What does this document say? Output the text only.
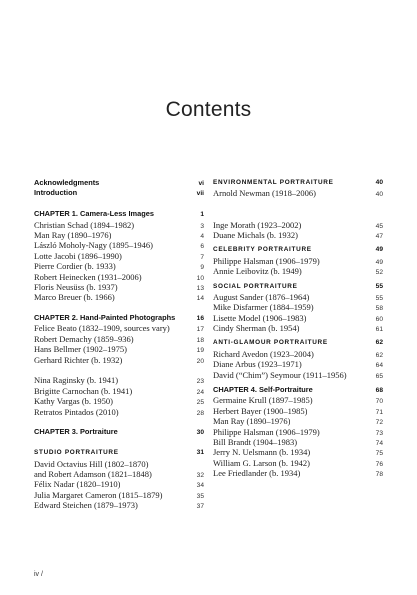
Contents
Acknowledgments	vi
Introduction	vii
CHAPTER 1. Camera-Less Images	1
Christian Schad (1894–1982)	3
Man Ray (1890–1976)	4
László Moholy-Nagy (1895–1946)	6
Lotte Jacobi (1896–1990)	7
Pierre Cordier (b. 1933)	9
Robert Heinecken (1931–2006)	10
Floris Neusüss (b. 1937)	13
Marco Breuer (b. 1966)	14
CHAPTER 2. Hand-Painted Photographs	16
Felice Beato (1832–1909, sources vary)	17
Robert Demachy (1859–936)	18
Hans Bellmer (1902–1975)	19
Gerhard Richter (b. 1932)	20
Nina Raginsky (b. 1941)	23
Brigitte Carnochan (b. 1941)	24
Kathy Vargas (b. 1950)	25
Retratos Pintados (2010)	28
CHAPTER 3. Portraiture	30
STUDIO PORTRAITURE	31
David Octavius Hill (1802–1870)
and Robert Adamson (1821–1848)	32
Félix Nadar (1820–1910)	34
Julia Margaret Cameron (1815–1879)	35
Edward Steichen (1879–1973)	37
ENVIRONMENTAL PORTRAITURE	40
Arnold Newman (1918–2006)	40
Inge Morath (1923–2002)	45
Duane Michals (b. 1932)	47
CELEBRITY PORTRAITURE	49
Philippe Halsman (1906–1979)	49
Annie Leibovitz (b. 1949)	52
SOCIAL PORTRAITURE	55
August Sander (1876–1964)	55
Mike Disfarmer (1884–1959)	58
Lisette Model (1906–1983)	60
Cindy Sherman (b. 1954)	61
ANTI-GLAMOUR PORTRAITURE	62
Richard Avedon (1923–2004)	62
Diane Arbus (1923–1971)	64
David (“Chim”) Seymour (1911–1956)	65
CHAPTER 4. Self-Portraiture	68
Germaine Krull (1897–1985)	70
Herbert Bayer (1900–1985)	71
Man Ray (1890–1976)	72
Philippe Halsman (1906–1979)	73
Bill Brandt (1904–1983)	74
Jerry N. Uelsmann (b. 1934)	75
William G. Larson (b. 1942)	76
Lee Friedlander (b. 1934)	78
iv /
